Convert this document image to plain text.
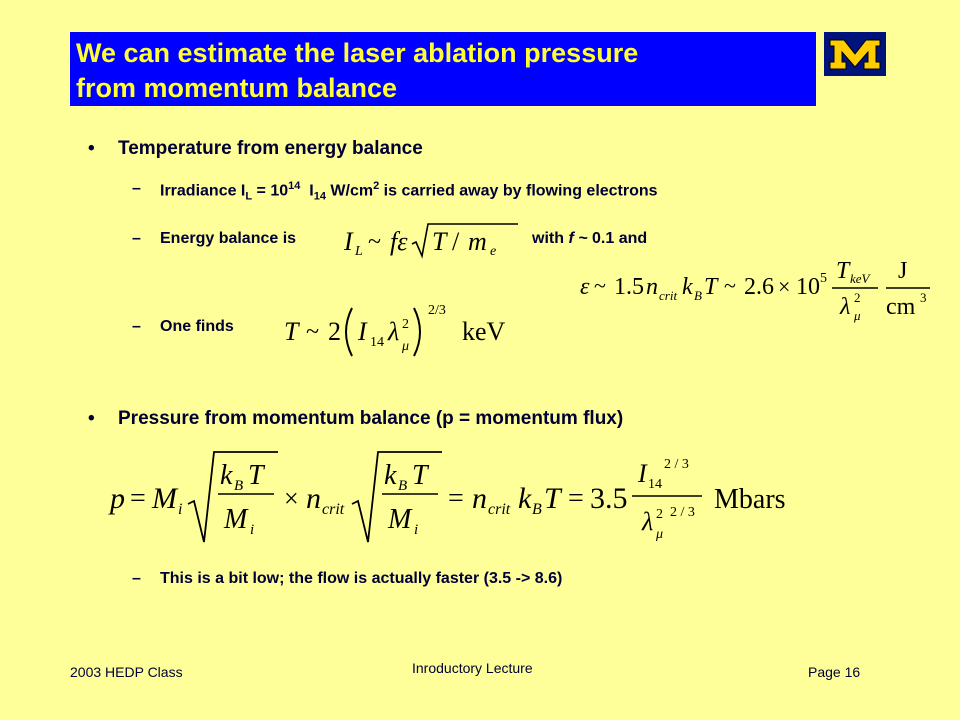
We can estimate the laser ablation pressure
from momentum balance
• Temperature from energy balance
– Irradiance $I_L = 10^{14}$  $I_{14}$ $W/cm^2$ is carried away by flowing electrons
– Energy balance is I L ~ fε T / m e
with f ~ 0.1 and
ε ~ 1.5 n crit k B T ~ 2.6 × 10 5 T keV
λ 2
μ
J
cm 3
– One finds T ~ 2 I 14 λ 2
μ
2/3
keV
• Pressure from momentum balance (p = momentum flux)
p = M i
k B T
M i
× n crit
k B T
M i
= n crit k B T = 3.5
I 14
2 / 3
λ 2
μ
2 / 3 Mbars
– This is a bit low; the flow is actually faster (3.5 -> 8.6)
2003 HEDP Class	Inroductory Lecture	Page 16
